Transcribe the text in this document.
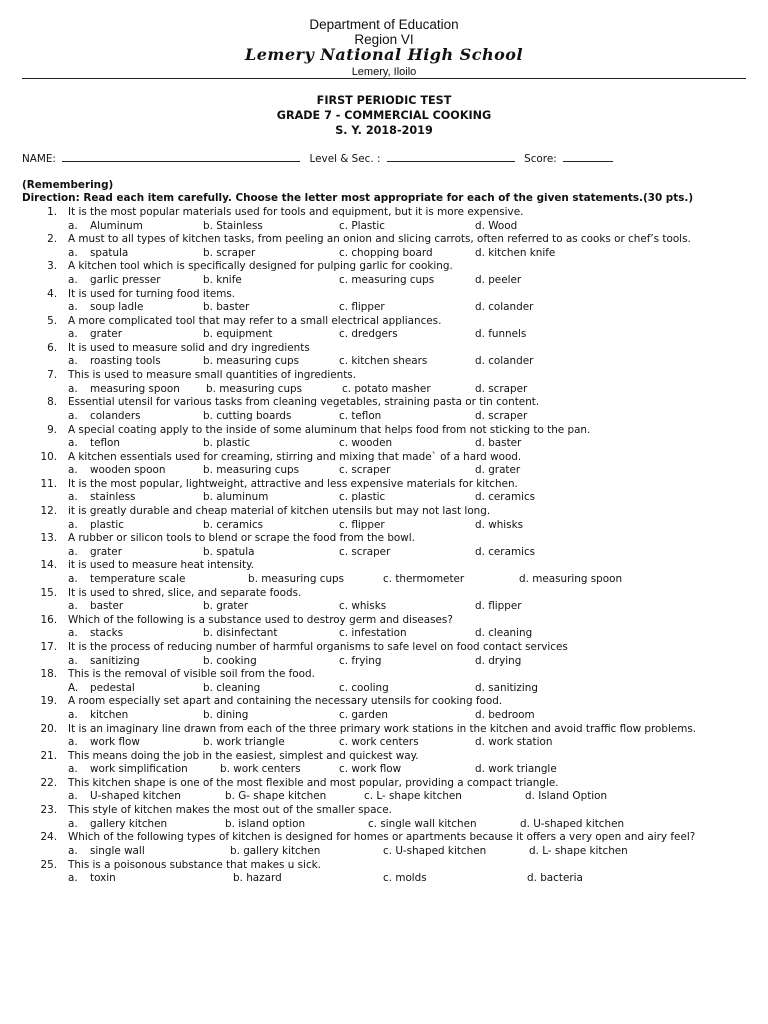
Department of Education
Region VI
Lemery National High School
Lemery, Iloilo
FIRST PERIODIC TEST
GRADE 7 - COMMERCIAL COOKING
S. Y. 2018-2019
NAME:	Level & Sec. :	Score:
(Remembering)
Direction: Read each item carefully. Choose the letter most appropriate for each of the given statements.(30 pts.)
1. It is the most popular materials used for tools and equipment, but it is more expensive.
a. Aluminum	b. Stainless	c. Plastic	d. Wood
2. A must to all types of kitchen tasks, from peeling an onion and slicing carrots, often referred to as cooks or chef’s tools.
a. spatula	b. scraper	c. chopping board	d. kitchen knife
3. A kitchen tool which is specifically designed for pulping garlic for cooking.
a. garlic presser	b. knife	c. measuring cups	d. peeler
4. It is used for turning food items.
a. soup ladle	b. baster	c. flipper	d. colander
5. A more complicated tool that may refer to a small electrical appliances.
a. grater	b. equipment	c. dredgers	d. funnels
6. It is used to measure solid and dry ingredients
a. roasting tools	b. measuring cups	c. kitchen shears	d. colander
7. This is used to measure small quantities of ingredients.
a. measuring spoon	b. measuring cups	c. potato masher	d. scraper
8. Essential utensil for various tasks from cleaning vegetables, straining pasta or tin content.
a. colanders	b. cutting boards	c. teflon	d. scraper
9. A special coating apply to the inside of some aluminum that helps food from not sticking to the pan.
a. teflon	b. plastic	c. wooden	d. baster
10. A kitchen essentials used for creaming, stirring and mixing that made` of a hard wood.
a. wooden spoon	b. measuring cups	c. scraper	d. grater
11. It is the most popular, lightweight, attractive and less expensive materials for kitchen.
a. stainless	b. aluminum	c. plastic	d. ceramics
12. it is greatly durable and cheap material of kitchen utensils but may not last long.
a. plastic	b. ceramics	c. flipper	d. whisks
13. A rubber or silicon tools to blend or scrape the food from the bowl.
a. grater	b. spatula	c. scraper	d. ceramics
14. it is used to measure heat intensity.
a. temperature scale	b. measuring cups	c. thermometer	d. measuring spoon
15. It is used to shred, slice, and separate foods.
a. baster	b. grater	c. whisks	d. flipper
16. Which of the following is a substance used to destroy germ and diseases?
a. stacks	b. disinfectant	c. infestation	d. cleaning
17. It is the process of reducing number of harmful organisms to safe level on food contact services
a. sanitizing	b. cooking	c. frying	d. drying
18. This is the removal of visible soil from the food.
A. pedestal	b. cleaning	c. cooling	d. sanitizing
19. A room especially set apart and containing the necessary utensils for cooking food.
a. kitchen	b. dining	c. garden	d. bedroom
20. It is an imaginary line drawn from each of the three primary work stations in the kitchen and avoid traffic flow problems.
a. work flow	b. work triangle	c. work centers	d. work station
21. This means doing the job in the easiest, simplest and quickest way.
a. work simplification	b. work centers	c. work flow	d. work triangle
22. This kitchen shape is one of the most flexible and most popular, providing a compact triangle.
a. U-shaped kitchen	b. G- shape kitchen	c. L- shape kitchen	d. Island Option
23. This style of kitchen makes the most out of the smaller space.
a. gallery kitchen	b. island option	c. single wall kitchen	d. U-shaped kitchen
24. Which of the following types of kitchen is designed for homes or apartments because it offers a very open and airy feel?
a. single wall	b. gallery kitchen	c. U-shaped kitchen	d. L- shape kitchen
25. This is a poisonous substance that makes u sick.
a. toxin	b. hazard	c. molds	d. bacteria
